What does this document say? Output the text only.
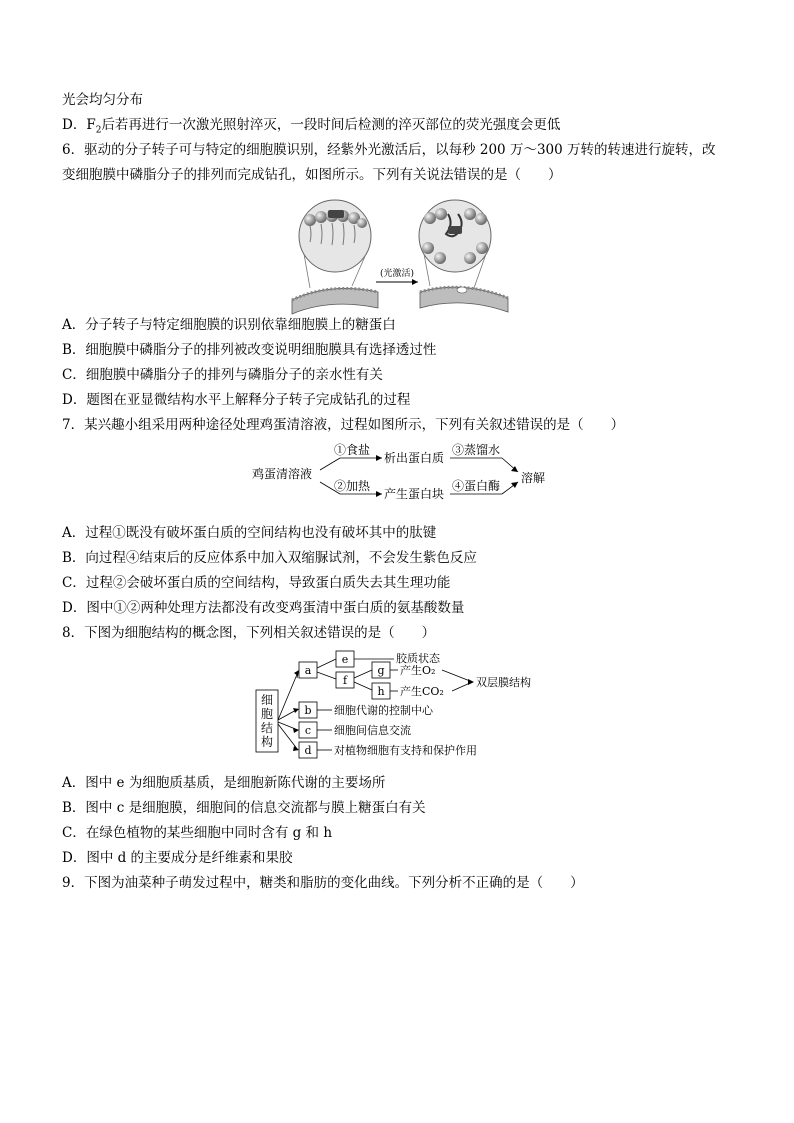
光会均匀分布
D．$F_2$后若再进行一次激光照射淬灭，一段时间后检测的淬灭部位的荧光强度会更低
6．驱动的分子转子可与特定的细胞膜识别，经紫外光激活后，以每秒 200 万～300 万转的转速进行旋转，改
变细胞膜中磷脂分子的排列而完成钻孔，如图所示。下列有关说法错误的是（　　）
(光激活)
A．分子转子与特定细胞膜的识别依靠细胞膜上的糖蛋白
B．细胞膜中磷脂分子的排列被改变说明细胞膜具有选择透过性
C．细胞膜中磷脂分子的排列与磷脂分子的亲水性有关
D．题图在亚显微结构水平上解释分子转子完成钻孔的过程
7．某兴趣小组采用两种途径处理鸡蛋清溶液，过程如图所示，下列有关叙述错误的是（　　）
鸡蛋清溶液
①食盐
析出蛋白质
③蒸馏水
②加热
产生蛋白块
④蛋白酶
溶解
A．过程①既没有破坏蛋白质的空间结构也没有破坏其中的肽键
B．向过程④结束后的反应体系中加入双缩脲试剂，不会发生紫色反应
C．过程②会破坏蛋白质的空间结构，导致蛋白质失去其生理功能
D．图中①②两种处理方法都没有改变鸡蛋清中蛋白质的氨基酸数量
8．下图为细胞结构的概念图，下列相关叙述错误的是（　　）
细
胞
结
构
a
b
c
d
e
f
胶质状态
g
h
产生O₂
产生CO₂
双层膜结构
细胞代谢的控制中心
细胞间信息交流
对植物细胞有支持和保护作用
A．图中 e 为细胞质基质，是细胞新陈代谢的主要场所
B．图中 c 是细胞膜，细胞间的信息交流都与膜上糖蛋白有关
C．在绿色植物的某些细胞中同时含有 g 和 h
D．图中 d 的主要成分是纤维素和果胶
9．下图为油菜种子萌发过程中，糖类和脂肪的变化曲线。下列分析不正确的是（　　）
